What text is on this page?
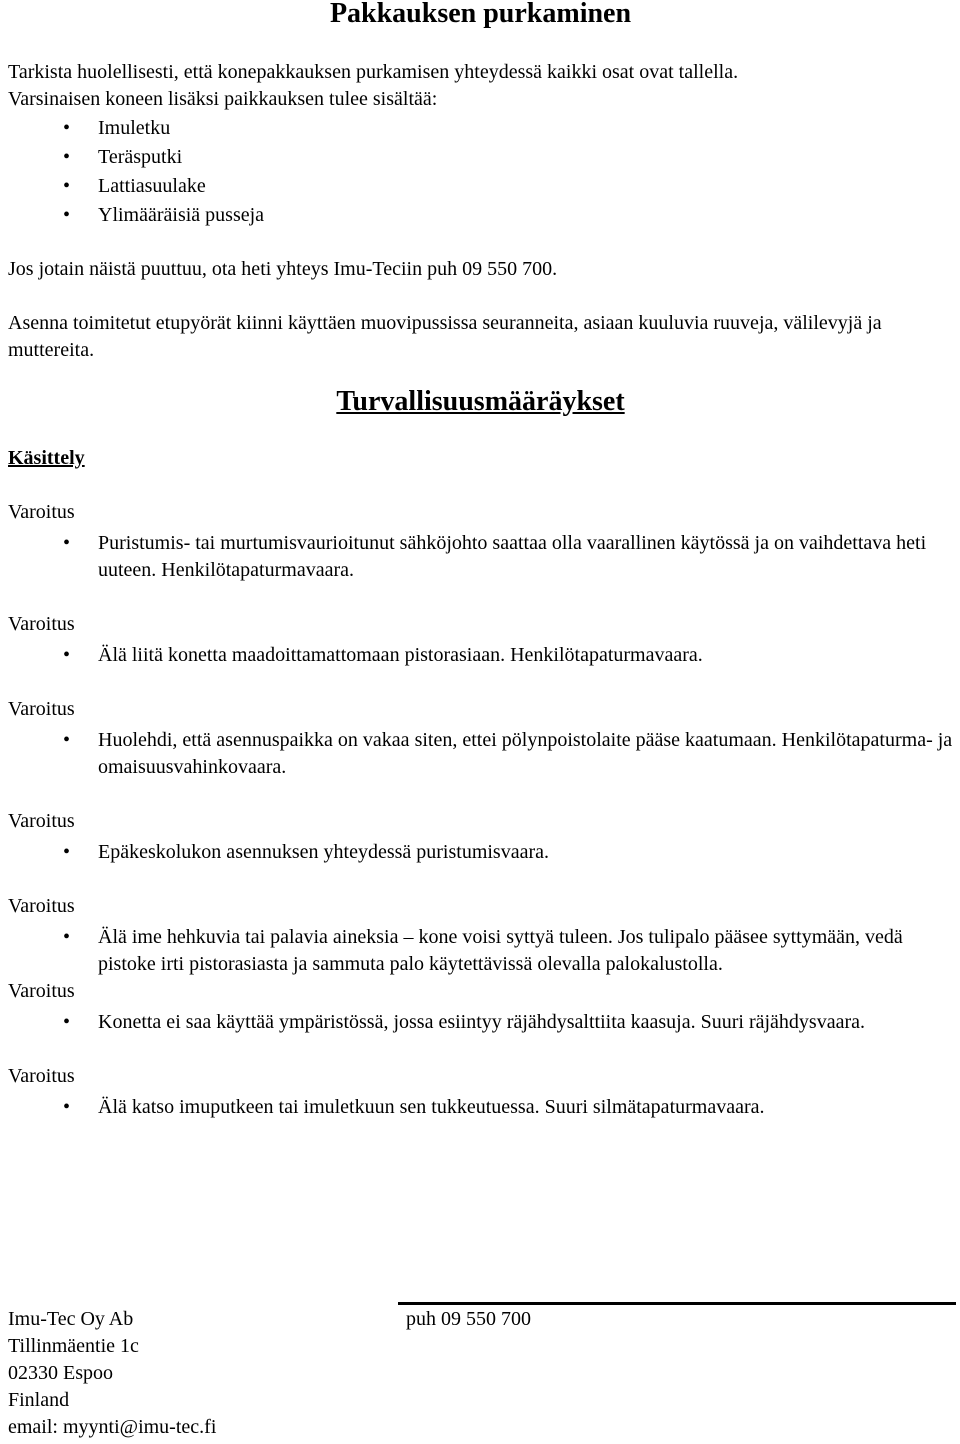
Pakkauksen purkaminen

Tarkista huolellisesti, että konepakkauksen purkamisen yhteydessä kaikki osat ovat tallella.

Varsinaisen koneen lisäksi paikkauksen tulee sisältää:

• Imuletku
• Teräsputki
• Lattiasuulake
• Ylimääräisiä pusseja

Jos jotain näistä puuttuu, ota heti yhteys Imu-Teciin puh 09 550 700.

Asenna toimitetut etupyörät kiinni käyttäen muovipussissa seuranneita, asiaan kuuluvia ruuveja, välilevyjä ja muttereita.

Turvallisuusmääräykset
Käsittely
Varoitus
• Puristumis- tai murtumisvaurioitunut sähköjohto saattaa olla vaarallinen käytössä ja on vaihdettava heti uuteen. Henkilötapaturmavaara.
Varoitus
• Älä liitä konetta maadoittamattomaan pistorasiaan. Henkilötapaturmavaara.
Varoitus
• Huolehdi, että asennuspaikka on vakaa siten, ettei pölynpoistolaite pääse kaatumaan. Henkilötapaturma- ja omaisuusvahinkovaara.
Varoitus
• Epäkeskolukon asennuksen yhteydessä puristumisvaara.
Varoitus
• Älä ime hehkuvia tai palavia aineksia – kone voisi syttyä tuleen. Jos tulipalo pääsee syttymään, vedä pistoke irti pistorasiasta ja sammuta palo käytettävissä olevalla palokalustolla.
Varoitus
• Konetta ei saa käyttää ympäristössä, jossa esiintyy räjähdysalttiita kaasuja. Suuri räjähdysvaara.
Varoitus
• Älä katso imuputkeen tai imuletkuun sen tukkeutuessa. Suuri silmätapaturmavaara.
Imu-Tec Oy Ab	puh 09 550 700
Tillinmäentie 1c
02330 Espoo
Finland
email: myynti@imu-tec.fi
